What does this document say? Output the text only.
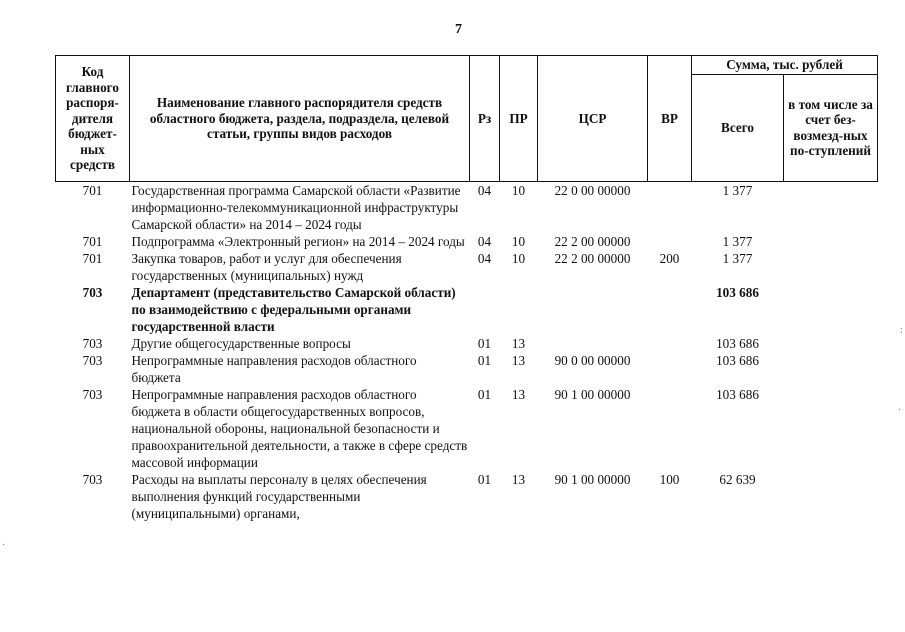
7
Код главного распоря-дителя бюджет-ных средств	Наименование главного распорядителя средств областного бюджета, раздела, подраздела, целевой статьи, группы видов расходов	Рз	ПР	ЦСР	ВР	Сумма, тыс. рублей	
						Всего	в том числе за счет без-возмезд-ных по-ступлений
701	Государственная программа Самарской области «Развитие информационно-телекоммуникационной инфраструктуры Самарской области» на 2014 – 2024 годы	04	10	22 0 00 00000		1 377	
701	Подпрограмма «Электронный регион» на 2014 – 2024 годы	04	10	22 2 00 00000		1 377	
701	Закупка товаров, работ и услуг для обеспечения государственных (муниципальных) нужд	04	10	22 2 00 00000	200	1 377	
703	Департамент (представительство Самарской области) по взаимодействию с федеральными органами государственной власти					103 686	
703	Другие общегосударственные вопросы	01	13			103 686	
703	Непрограммные направления расходов областного бюджета	01	13	90 0 00 00000		103 686	
703	Непрограммные направления расходов областного бюджета в области общегосударственных вопросов, национальной обороны, национальной безопасности и правоохранительной деятельности, а также в сфере средств массовой информации	01	13	90 1 00 00000		103 686	
703	Расходы на выплаты персоналу в целях обеспечения выполнения функций государственными (муниципальными) органами,	01	13	90 1 00 00000	100	62 639	
:
·
·
